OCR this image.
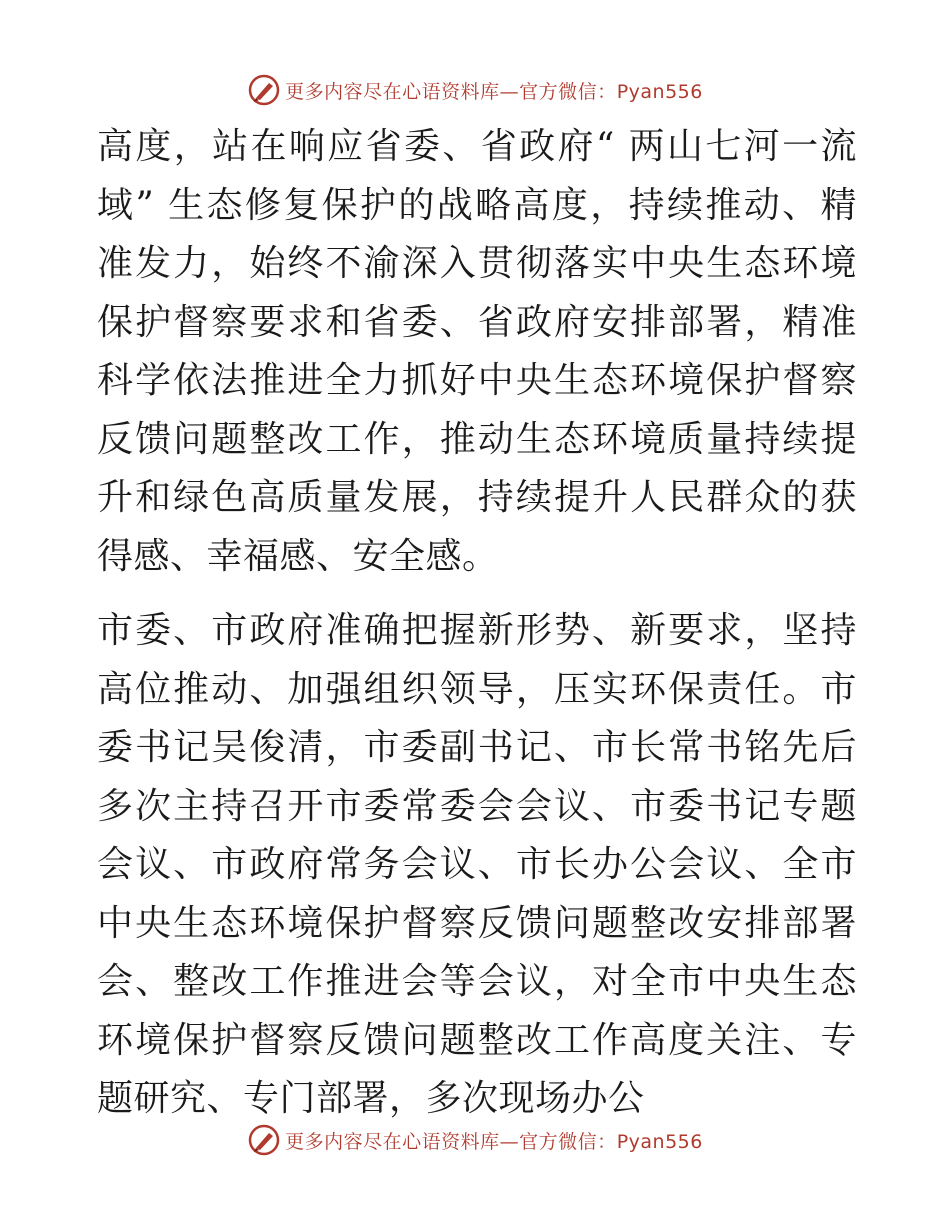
更多内容尽在心语资料库—官方微信：Pyan556

高度，站在响应省委、省政府“ 两山七河一流域” 生态修复保护的战略高度，持续推动、精准发力，始终不渝深入贯彻落实中央生态环境保护督察要求和省委、省政府安排部署，精准科学依法推进全力抓好中央生态环境保护督察反馈问题整改工作，推动生态环境质量持续提升和绿色高质量发展，持续提升人民群众的获得感、幸福感、安全感。

市委、市政府准确把握新形势、新要求，坚持高位推动、加强组织领导，压实环保责任。市委书记吴俊清，市委副书记、市长常书铭先后多次主持召开市委常委会会议、市委书记专题会议、市政府常务会议、市长办公会议、全市中央生态环境保护督察反馈问题整改安排部署会、整改工作推进会等会议，对全市中央生态环境保护督察反馈问题整改工作高度关注、专题研究、专门部署，多次现场办公

更多内容尽在心语资料库—官方微信：Pyan556
